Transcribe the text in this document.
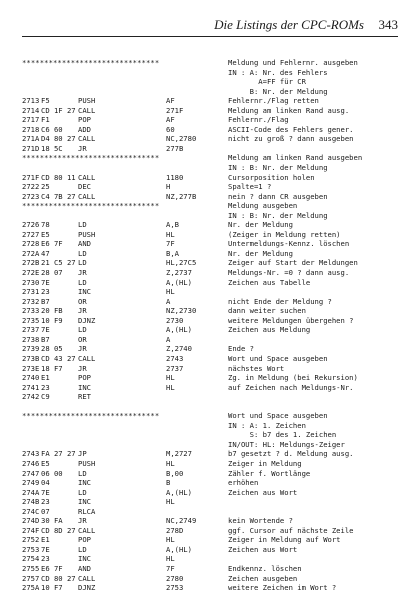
Die Listings der CPC-ROMs 343
*******************************	Meldung und Fehlernr. ausgeben
IN : A: Nr. des Fehlers
A=FF für CR
B: Nr. der Meldung
2713 F5	PUSH	AF	Fehlernr./Flag retten
2714 CD 1F 27 CALL	271F	Meldung am linken Rand ausg.
2717 F1	POP	AF	Fehlernr./Flag
2718 C6 60 ADD	60	ASCII-Code des Fehlers gener.
271A D4 80 27 CALL	NC,2780	nicht zu groß ? dann ausgeben
271D 18 5C JR	277B
*******************************	Meldung am linken Rand ausgeben
IN : B: Nr. der Meldung
271F CD 80 11 CALL	1180	Cursorposition holen
2722 25	DEC	H	Spalte=1 ?
2723 C4 7B 27 CALL	NZ,277B	nein ? dann CR ausgeben
*******************************	Meldung ausgeben
IN : B: Nr. der Meldung
2726 78	LD	A,B	Nr. der Meldung
2727 E5	PUSH	HL	(Zeiger in Meldung retten)
2728 E6 7F AND	7F	Untermeldungs-Kennz. löschen
272A 47	LD	B,A	Nr. der Meldung
272B 21 C5 27 LD	HL,27C5	Zeiger auf Start der Meldungen
272E 28 07 JR	Z,2737	Meldungs-Nr. =0 ? dann ausg.
2730 7E	LD	A,(HL)	Zeichen aus Tabelle
2731 23	INC	HL
2732 B7	OR	A	nicht Ende der Meldung ?
2733 20 FB JR	NZ,2730	dann weiter suchen
2735 10 F9 DJNZ	2730	weitere Meldungen übergehen ?
2737 7E	LD	A,(HL)	Zeichen aus Meldung
2738 B7	OR	A
2739 28 05 JR	Z,2740	Ende ?
273B CD 43 27 CALL	2743	Wort und Space ausgeben
273E 18 F7 JR	2737	nächstes Wort
2740 E1	POP	HL	Zg. in Meldung (bei Rekursion)
2741 23	INC	HL	auf Zeichen nach Meldungs-Nr.
2742 C9	RET
*******************************	Wort und Space ausgeben
IN : A: 1. Zeichen
S: b7 des 1. Zeichen
IN/OUT: HL: Meldungs-Zeiger
2743 FA 27 27 JP	M,2727	b7 gesetzt ? d. Meldung ausg.
2746 E5	PUSH	HL	Zeiger in Meldung
2747 06 00 LD	B,00	Zähler f. Wortlänge
2749 04	INC	B	erhöhen
274A 7E	LD	A,(HL)	Zeichen aus Wort
274B 23	INC	HL
274C 07	RLCA
274D 30 FA JR	NC,2749	kein Wortende ?
274F CD 8D 27 CALL	278D	ggf. Cursor auf nächste Zeile
2752 E1	POP	HL	Zeiger in Meldung auf Wort
2753 7E	LD	A,(HL)	Zeichen aus Wort
2754 23	INC	HL
2755 E6 7F AND	7F	Endkennz. löschen
2757 CD 80 27 CALL	2780	Zeichen ausgeben
275A 10 F7 DJNZ	2753	weitere Zeichen im Wort ?
